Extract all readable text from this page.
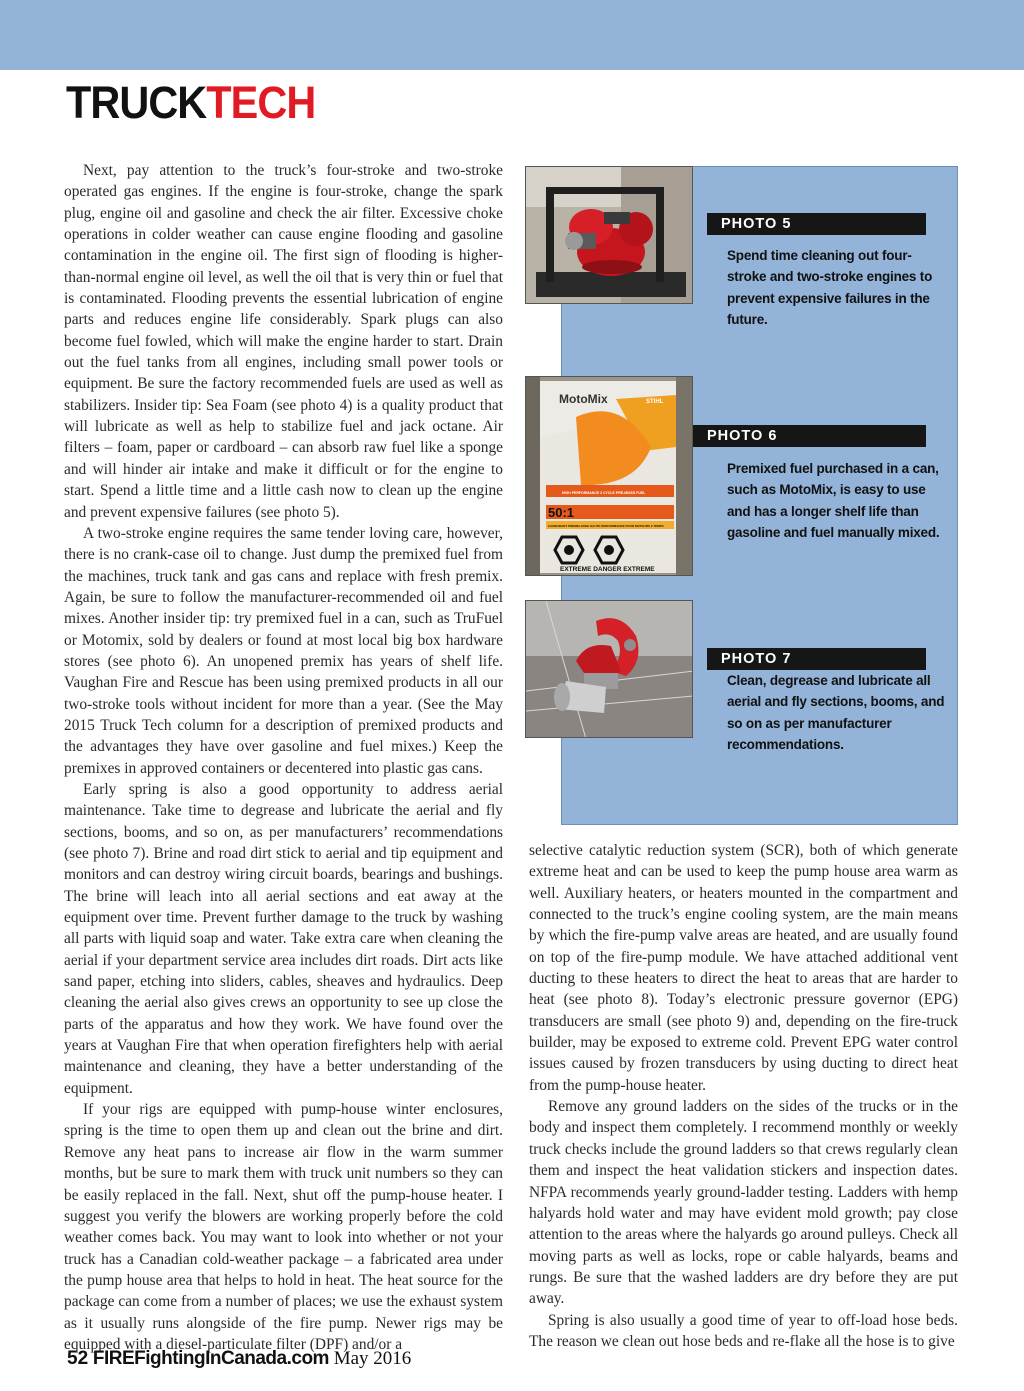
TRUCKTECH

Next, pay attention to the truck’s four-stroke and two-stroke operated gas engines. If the engine is four-stroke, change the spark plug, engine oil and gasoline and check the air filter. Excessive choke operations in colder weather can cause engine flooding and gasoline contamination in the engine oil. The first sign of flooding is higher-than-normal engine oil level, as well the oil that is very thin or fuel that is contaminated. Flooding prevents the essential lubrication of engine parts and reduces engine life considerably. Spark plugs can also become fuel fowled, which will make the engine harder to start. Drain out the fuel tanks from all engines, including small power tools or equipment. Be sure the factory recommended fuels are used as well as stabilizers. Insider tip: Sea Foam (see photo 4) is a quality product that will lubricate as well as help to stabilize fuel and jack octane. Air filters – foam, paper or cardboard – can absorb raw fuel like a sponge and will hinder air intake and make it difficult or for the engine to start. Spend a little time and a little cash now to clean up the engine and prevent expensive failures (see photo 5).

A two-stroke engine requires the same tender loving care, however, there is no crank-case oil to change. Just dump the premixed fuel from the machines, truck tank and gas cans and replace with fresh premix. Again, be sure to follow the manufacturer-recommended oil and fuel mixes. Another insider tip: try premixed fuel in a can, such as TruFuel or Motomix, sold by dealers or found at most local big box hardware stores (see photo 6). An unopened premix has years of shelf life. Vaughan Fire and Rescue has been using premixed products in all our two-stroke tools without incident for more than a year. (See the May 2015 Truck Tech column for a description of premixed products and the advantages they have over gasoline and fuel mixes.) Keep the premixes in approved containers or decentered into plastic gas cans.

Early spring is also a good opportunity to address aerial maintenance. Take time to degrease and lubricate the aerial and fly sections, booms, and so on, as per manufacturers’ recommendations (see photo 7). Brine and road dirt stick to aerial and tip equipment and monitors and can destroy wiring circuit boards, bearings and bushings. The brine will leach into all aerial sections and eat away at the equipment over time. Prevent further damage to the truck by washing all parts with liquid soap and water. Take extra care when cleaning the aerial if your department service area includes dirt roads. Dirt acts like sand paper, etching into sliders, cables, sheaves and hydraulics. Deep cleaning the aerial also gives crews an opportunity to see up close the parts of the apparatus and how they work. We have found over the years at Vaughan Fire that when operation firefighters help with aerial maintenance and cleaning, they have a better understanding of the equipment.

If your rigs are equipped with pump-house winter enclosures, spring is the time to open them up and clean out the brine and dirt. Remove any heat pans to increase air flow in the warm summer months, but be sure to mark them with truck unit numbers so they can be easily replaced in the fall. Next, shut off the pump-house heater. I suggest you verify the blowers are working properly before the cold weather comes back. You may want to look into whether or not your truck has a Canadian cold-weather package – a fabricated area under the pump house area that helps to hold in heat. The heat source for the package can come from a number of places; we use the exhaust system as it usually runs alongside of the fire pump. Newer rigs may be equipped with a diesel-particulate filter (DPF) and/or a

PHOTO 5
Spend time cleaning out four-stroke and two-stroke engines to prevent expensive failures in the future.
MotoMix	STIHL
50:1
HIGH PERFORMANCE 2 CYCLE PRE-MIXED FUEL
CARBURANT PREMELANGE HAUTE PERFORMANCE POUR MOTEURS 2 TEMPS
EXTREME DANGER EXTREME
PHOTO 6
Premixed fuel purchased in a can, such as MotoMix, is easy to use and has a longer shelf life than gasoline and fuel manually mixed.
PHOTO 7
Clean, degrease and lubricate all aerial and fly sections, booms, and so on as per manufacturer recommendations.

selective catalytic reduction system (SCR), both of which generate extreme heat and can be used to keep the pump house area warm as well. Auxiliary heaters, or heaters mounted in the compartment and connected to the truck’s engine cooling system, are the main means by which the fire-pump valve areas are heated, and are usually found on top of the fire-pump module. We have attached additional vent ducting to these heaters to direct the heat to areas that are harder to heat (see photo 8). Today’s electronic pressure governor (EPG) transducers are small (see photo 9) and, depending on the fire-truck builder, may be exposed to extreme cold. Prevent EPG water control issues caused by frozen transducers by using ducting to direct heat from the pump-house heater.

Remove any ground ladders on the sides of the trucks or in the body and inspect them completely. I recommend monthly or weekly truck checks include the ground ladders so that crews regularly clean them and inspect the heat validation stickers and inspection dates. NFPA recommends yearly ground-ladder testing. Ladders with hemp halyards hold water and may have evident mold growth; pay close attention to the areas where the halyards go around pulleys. Check all moving parts as well as locks, rope or cable halyards, beams and rungs. Be sure that the washed ladders are dry before they are put away.

Spring is also usually a good time of year to off-load hose beds. The reason we clean out hose beds and re-flake all the hose is to give

52 FIREFightingInCanada.com May 2016
